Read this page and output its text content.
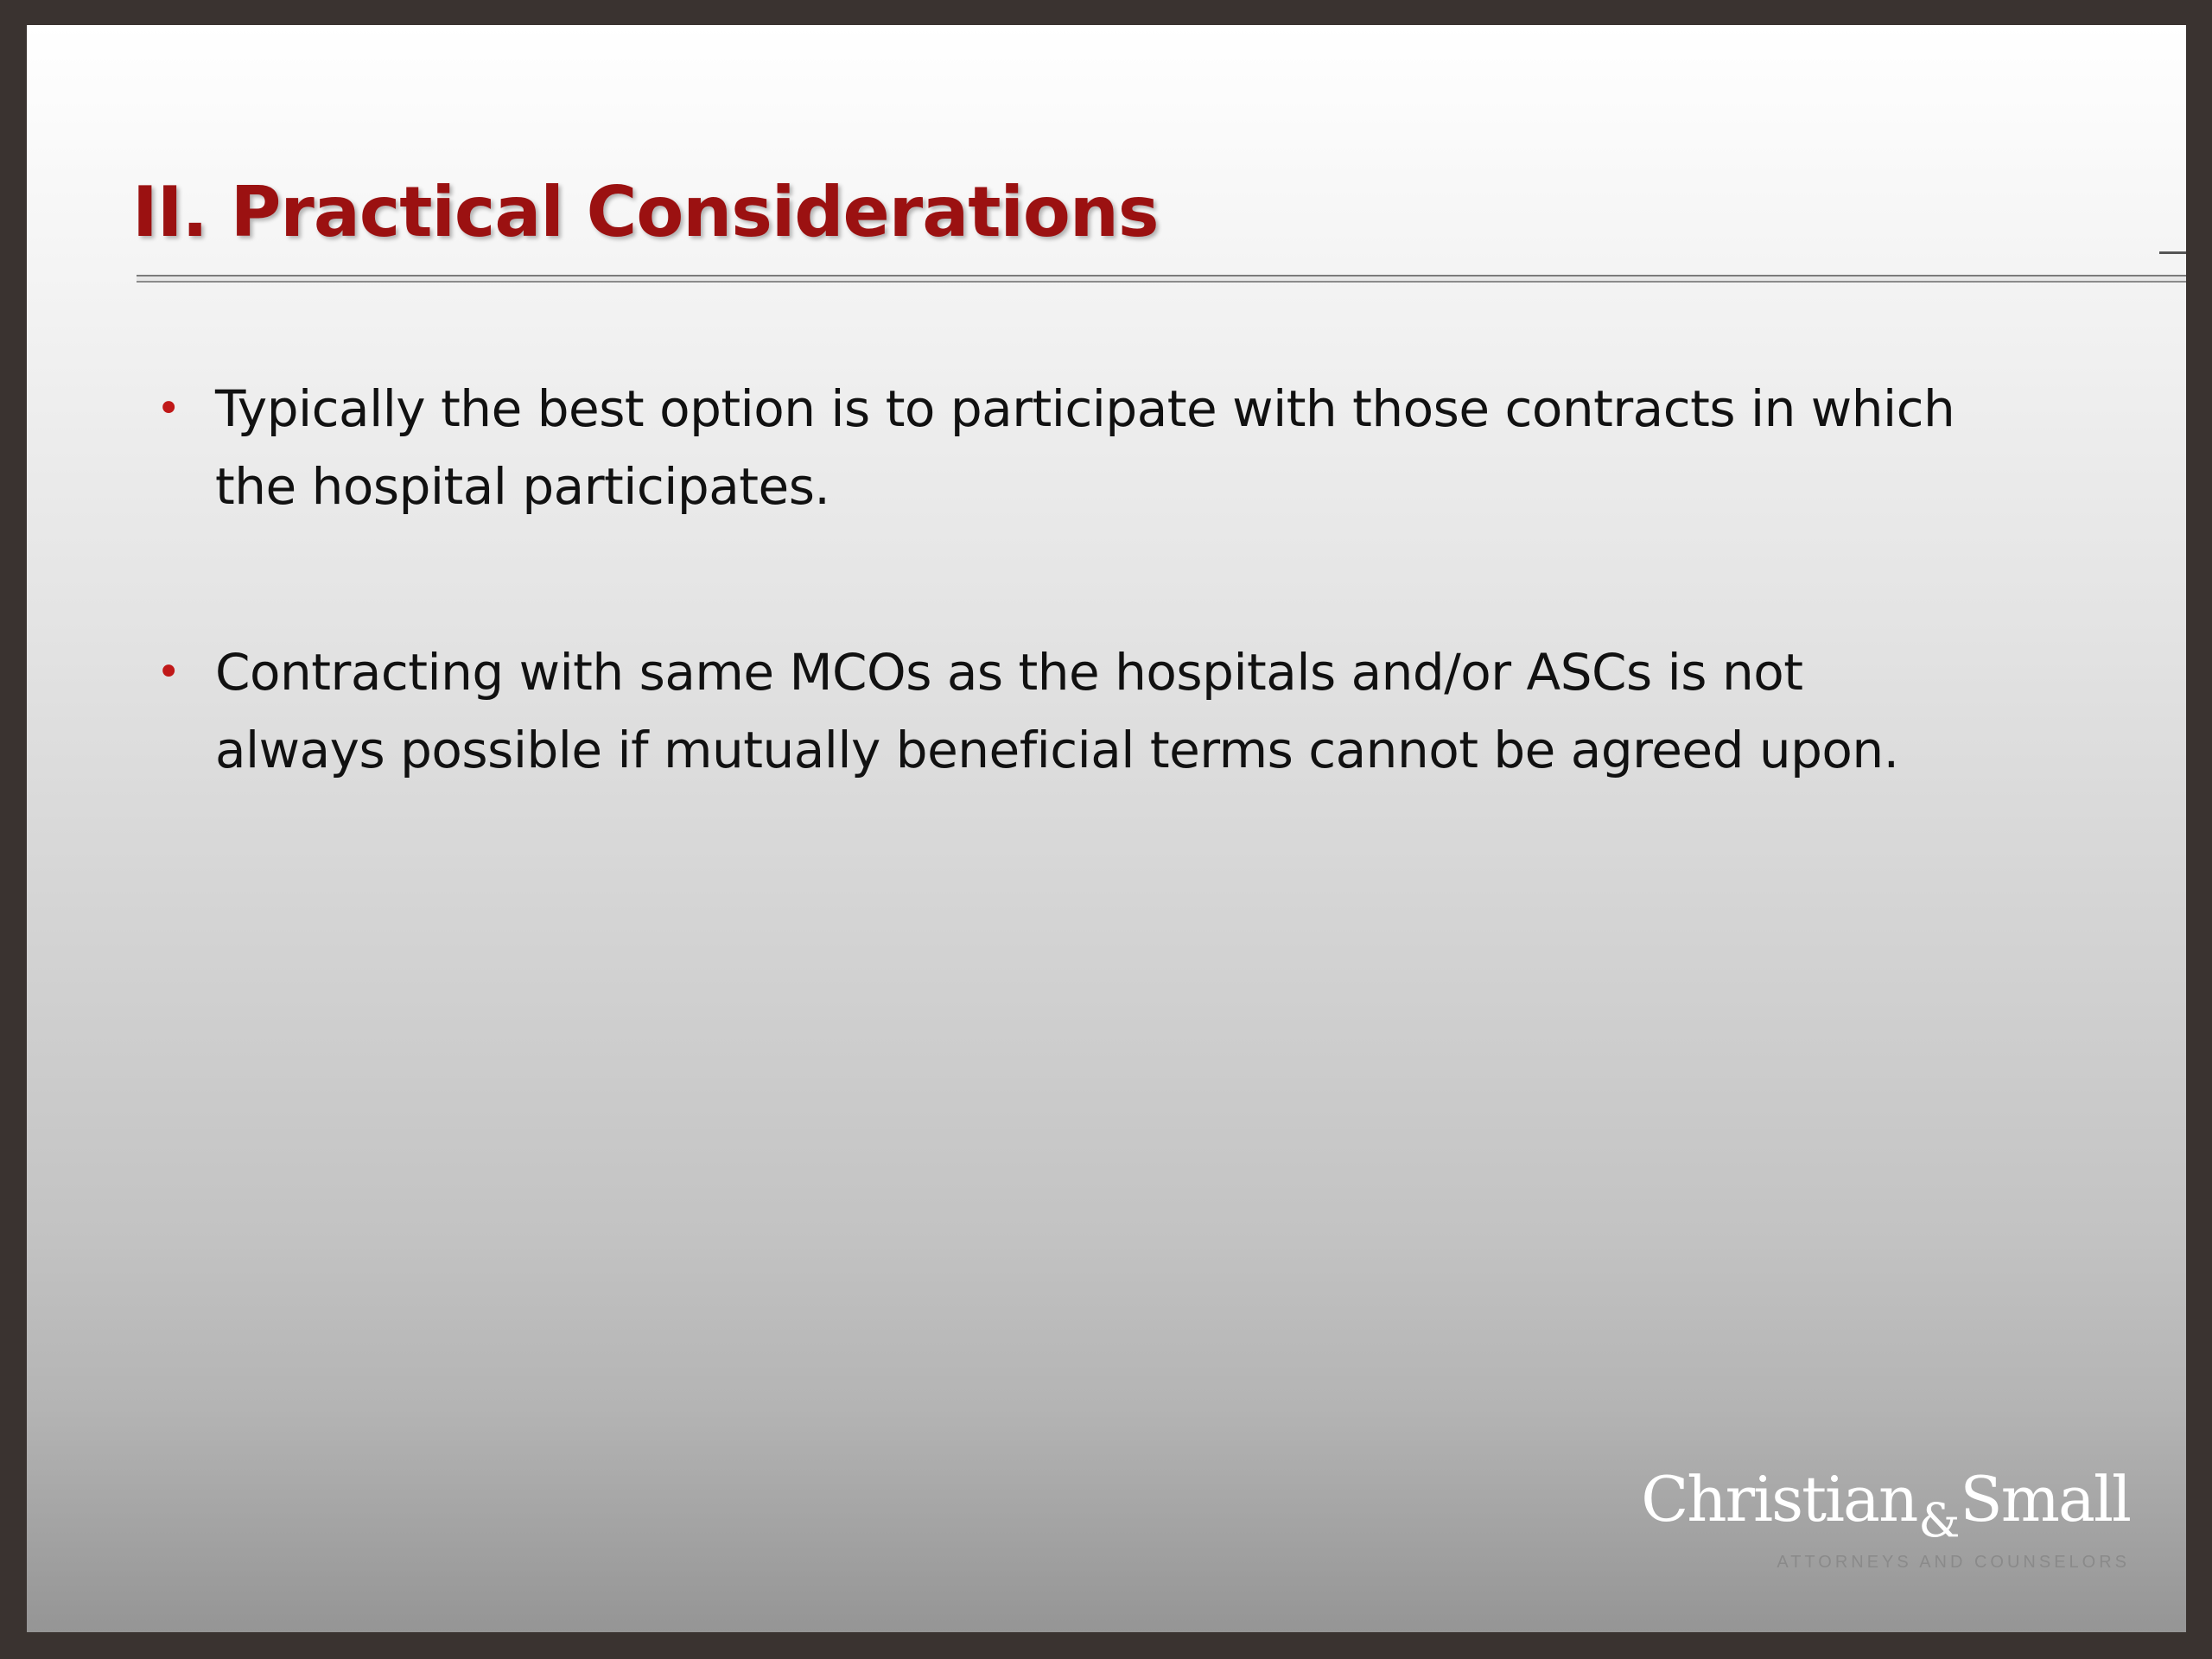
II. Practical Considerations
• Typically the best option is to participate with those contracts in which
the hospital participates.
• Contracting with same MCOs as the hospitals and/or ASCs is not
always possible if mutually beneficial terms cannot be agreed upon.
Christian$_{\&}$Small
ATTORNEYS AND COUNSELORS
